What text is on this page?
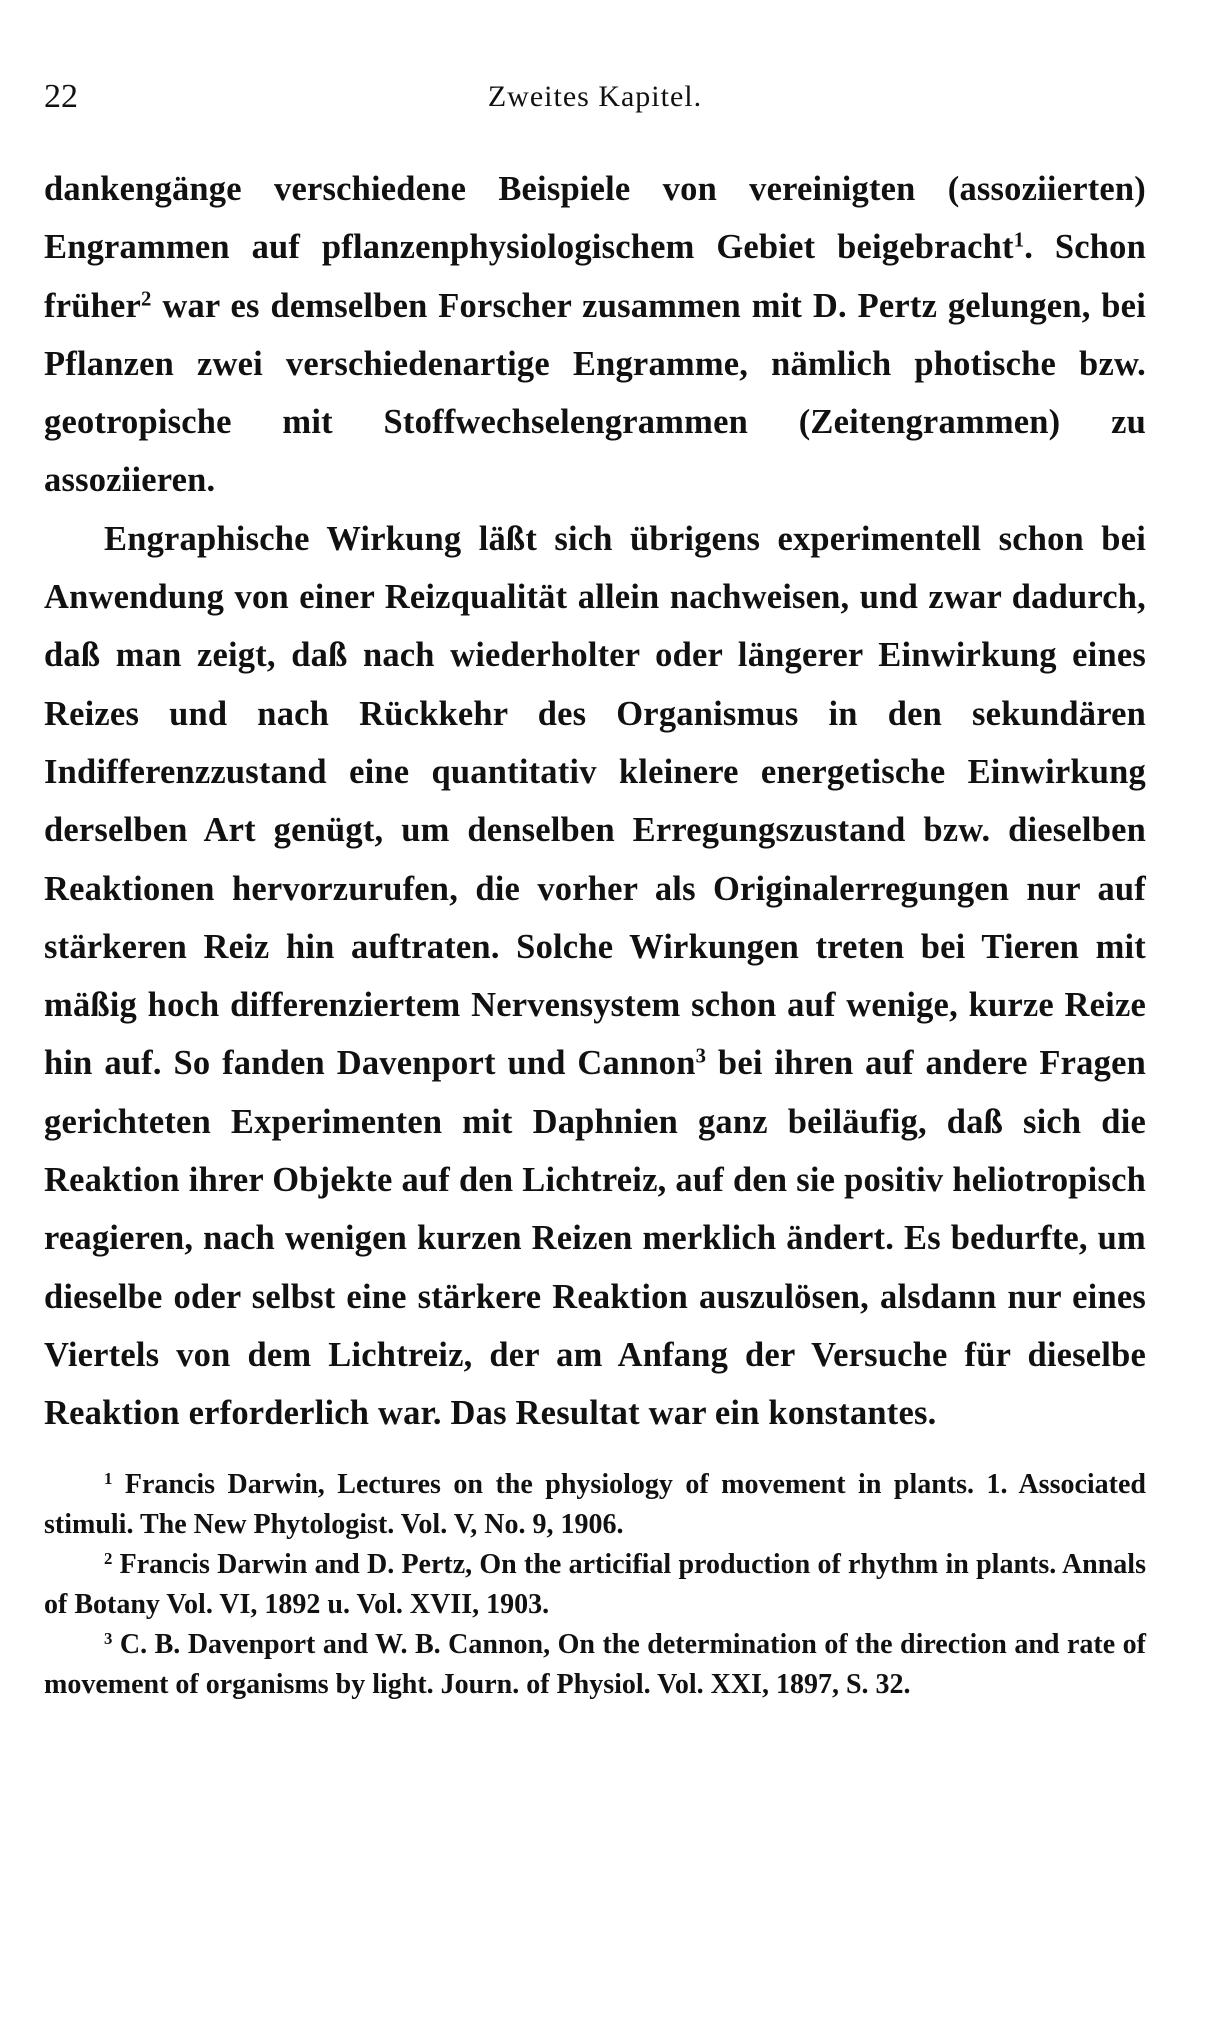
22	Zweites Kapitel.

dankengänge verschiedene Beispiele von vereinigten (assoziierten) Engrammen auf pflanzenphysiologischem Gebiet beigebracht$^1$. Schon früher$^2$ war es demselben Forscher zusammen mit D. Pertz gelungen, bei Pflanzen zwei verschiedenartige Engramme, nämlich photische bzw. geotropische mit Stoffwechselengrammen (Zeitengrammen) zu assoziieren.

Engraphische Wirkung läßt sich übrigens experimentell schon bei Anwendung von einer Reizqualität allein nachweisen, und zwar dadurch, daß man zeigt, daß nach wiederholter oder längerer Einwirkung eines Reizes und nach Rückkehr des Organismus in den sekundären Indifferenzzustand eine quantitativ kleinere energetische Einwirkung derselben Art genügt, um denselben Erregungszustand bzw. dieselben Reaktionen hervorzurufen, die vorher als Originalerregungen nur auf stärkeren Reiz hin auftraten. Solche Wirkungen treten bei Tieren mit mäßig hoch differenziertem Nervensystem schon auf wenige, kurze Reize hin auf. So fanden Davenport und Cannon$^3$ bei ihren auf andere Fragen gerichteten Experimenten mit Daphnien ganz beiläufig, daß sich die Reaktion ihrer Objekte auf den Lichtreiz, auf den sie positiv heliotropisch reagieren, nach wenigen kurzen Reizen merklich ändert. Es bedurfte, um dieselbe oder selbst eine stärkere Reaktion auszulösen, alsdann nur eines Viertels von dem Lichtreiz, der am Anfang der Versuche für dieselbe Reaktion erforderlich war. Das Resultat war ein konstantes.

$^1$ Francis Darwin, Lectures on the physiology of movement in plants. 1. Associated stimuli. The New Phytologist. Vol. V, No. 9, 1906.

$^2$ Francis Darwin and D. Pertz, On the articifial production of rhythm in plants. Annals of Botany Vol. VI, 1892 u. Vol. XVII, 1903.

$^3$ C. B. Davenport and W. B. Cannon, On the determination of the direction and rate of movement of organisms by light. Journ. of Physiol. Vol. XXI, 1897, S. 32.
